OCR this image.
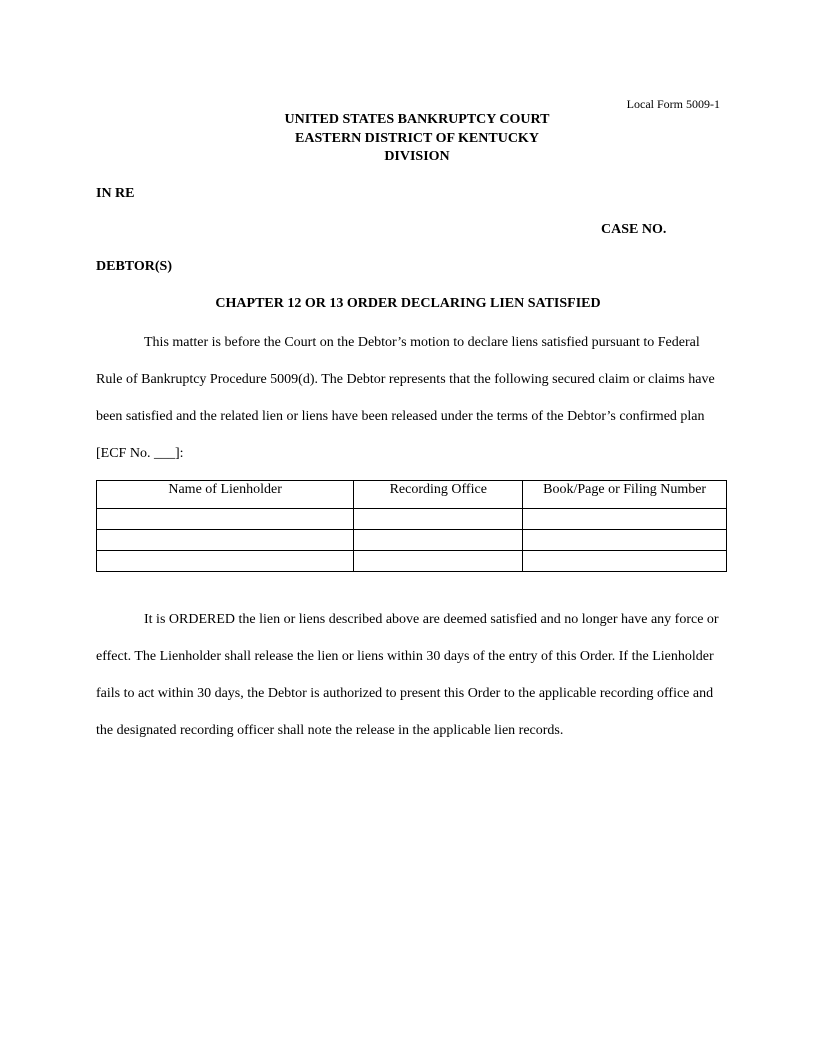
Local Form 5009-1
UNITED STATES BANKRUPTCY COURT
EASTERN DISTRICT OF KENTUCKY
DIVISION
IN RE
CASE NO.
DEBTOR(S)
CHAPTER 12 OR 13 ORDER DECLARING LIEN SATISFIED
This matter is before the Court on the Debtor’s motion to declare liens satisfied pursuant to Federal Rule of Bankruptcy Procedure 5009(d). The Debtor represents that the following secured claim or claims have been satisfied and the related lien or liens have been released under the terms of the Debtor’s confirmed plan [ECF No. ___]:
Name of Lienholder	Recording Office	Book/Page or Filing Number

It is ORDERED the lien or liens described above are deemed satisfied and no longer have any force or effect. The Lienholder shall release the lien or liens within 30 days of the entry of this Order. If the Lienholder fails to act within 30 days, the Debtor is authorized to present this Order to the applicable recording office and the designated recording officer shall note the release in the applicable lien records.
